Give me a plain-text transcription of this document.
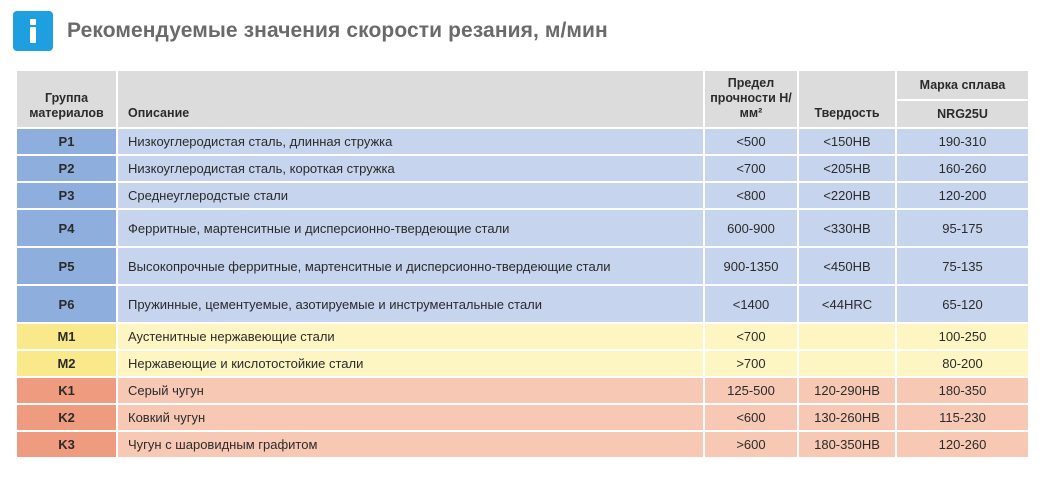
Рекомендуемые значения скорости резания, м/мин
Группа материалов	Описание	Предел прочности Н/мм²	Твердость	Марка сплава
				NRG25U
P1	Низкоуглеродистая сталь, длинная стружка	<500	<150HB	190-310
P2	Низкоуглеродистая сталь, короткая стружка	<700	<205HB	160-260
P3	Среднеуглеродстые стали	<800	<220HB	120-200
P4	Ферритные, мартенситные и дисперсионно-твердеющие стали	600-900	<330HB	95-175
P5	Высокопрочные ферритные, мартенситные и дисперсионно-твердеющие стали	900-1350	<450HB	75-135
P6	Пружинные, цементуемые, азотируемые и инструментальные стали	<1400	<44HRC	65-120
M1	Аустенитные нержавеющие стали	<700		100-250
M2	Нержавеющие и кислотостойкие стали	>700		80-200
K1	Серый чугун	125-500	120-290HB	180-350
K2	Ковкий чугун	<600	130-260HB	115-230
K3	Чугун с шаровидным графитом	>600	180-350HB	120-260
